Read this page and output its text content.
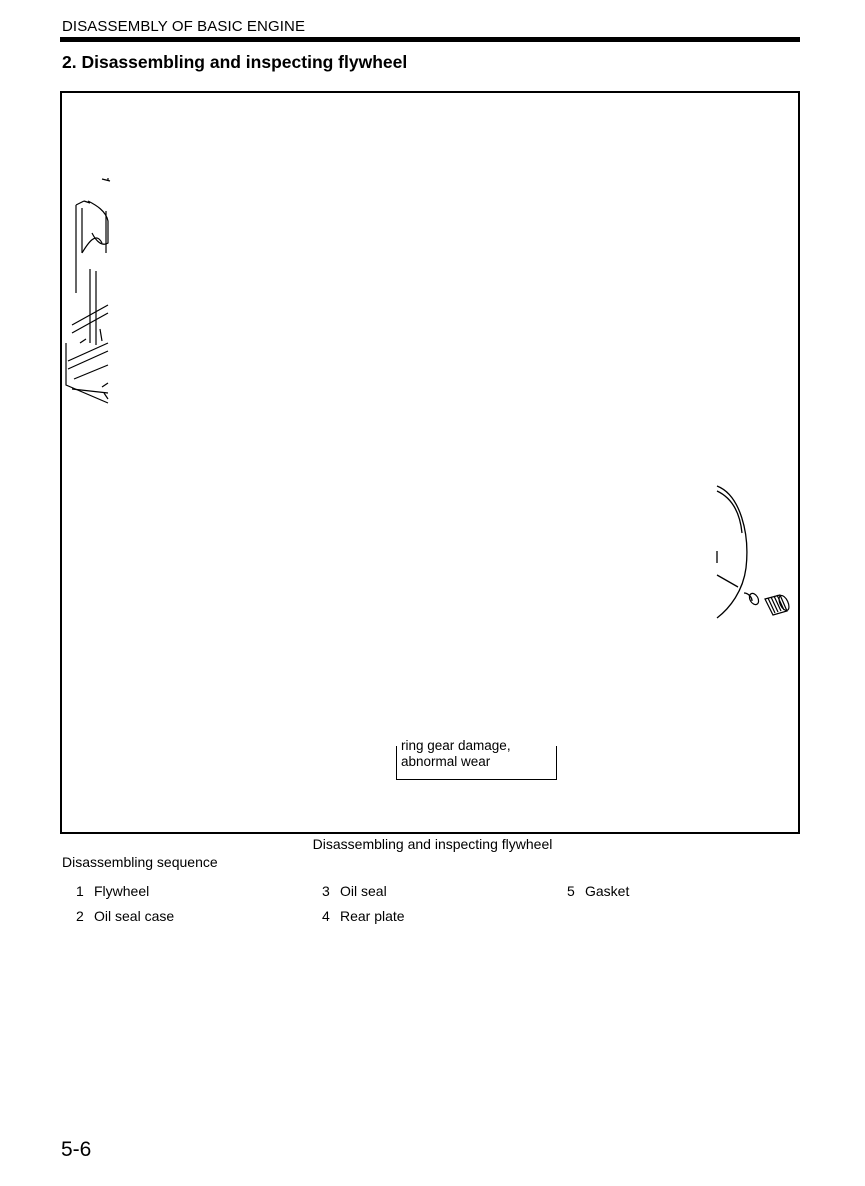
DISASSEMBLY OF BASIC ENGINE
2. Disassembling and inspecting flywheel
ring gear damage,
abnormal wear
Disassembling and inspecting flywheel
Disassembling sequence
1 Flywheel
2 Oil seal case
3 Oil seal
4 Rear plate
5 Gasket
5-6
